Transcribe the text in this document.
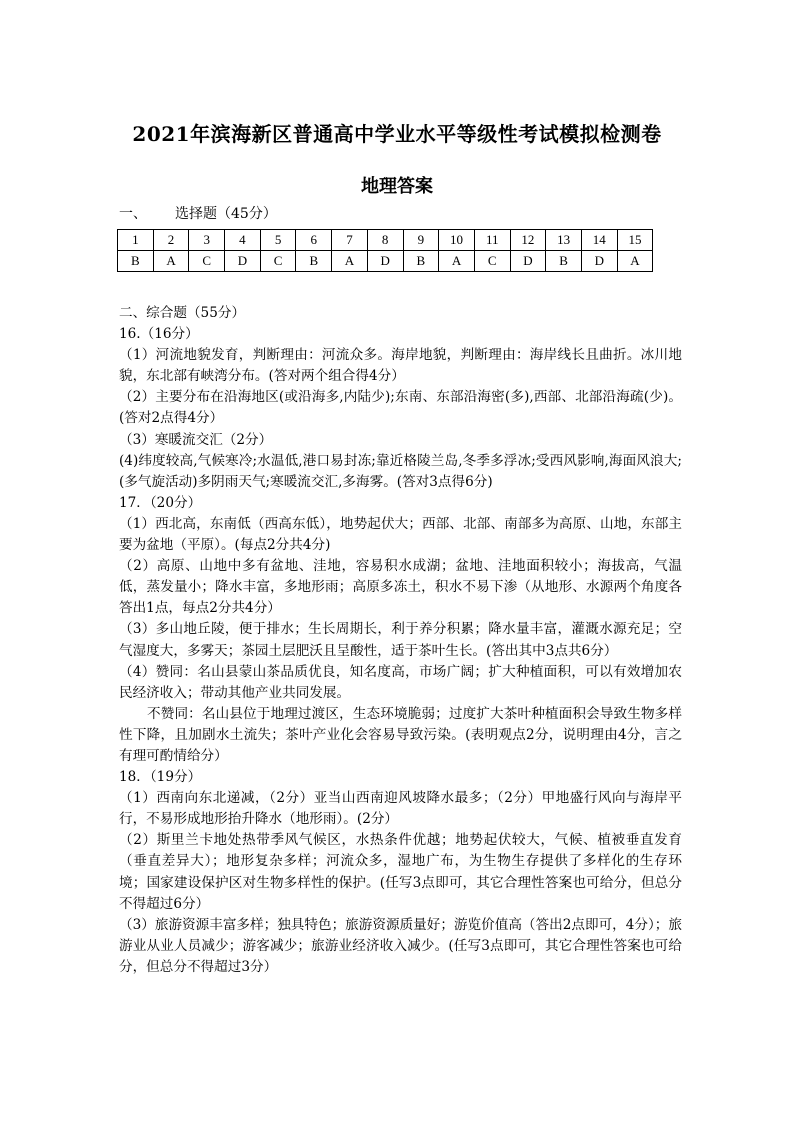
2021年滨海新区普通高中学业水平等级性考试模拟检测卷
地理答案
一、 选择题（45分）
1	2	3	4	5	6	7	8	9	10	11	12	13	14	15
B	A	C	D	C	B	A	D	B	A	C	D	B	D	A

二、综合题（55分）

16.（16分）

（1）河流地貌发育，判断理由：河流众多。海岸地貌，判断理由：海岸线长且曲折。冰川地貌，东北部有峡湾分布。(答对两个组合得4分）

（2）主要分布在沿海地区(或沿海多,内陆少);东南、东部沿海密(多),西部、北部沿海疏(少)。(答对2点得4分）

（3）寒暖流交汇（2分）

(4)纬度较高,气候寒冷;水温低,港口易封冻;靠近格陵兰岛,冬季多浮冰;受西风影响,海面风浪大;(多气旋活动)多阴雨天气;寒暖流交汇,多海雾。(答对3点得6分)

17．（20分）

（1）西北高，东南低（西高东低），地势起伏大；西部、北部、南部多为高原、山地，东部主要为盆地（平原）。(每点2分共4分)

（2）高原、山地中多有盆地、洼地，容易积水成湖；盆地、洼地面积较小；海拔高，气温低，蒸发量小；降水丰富，多地形雨；高原多冻土，积水不易下渗（从地形、水源两个角度各答出1点，每点2分共4分）

（3）多山地丘陵，便于排水；生长周期长，利于养分积累；降水量丰富，灌溉水源充足；空气湿度大，多雾天；茶园土层肥沃且呈酸性，适于茶叶生长。(答出其中3点共6分）

（4）赞同：名山县蒙山茶品质优良，知名度高，市场广阔；扩大种植面积，可以有效增加农民经济收入；带动其他产业共同发展。

不赞同：名山县位于地理过渡区，生态环境脆弱；过度扩大茶叶种植面积会导致生物多样性下降，且加剧水土流失；茶叶产业化会容易导致污染。(表明观点2分，说明理由4分，言之有理可酌情给分）

18．（19分）

（1）西南向东北递减，（2分）亚当山西南迎风坡降水最多；（2分）甲地盛行风向与海岸平行，不易形成地形抬升降水（地形雨）。(2分）

（2）斯里兰卡地处热带季风气候区，水热条件优越；地势起伏较大，气候、植被垂直发育（垂直差异大）；地形复杂多样；河流众多，湿地广布，为生物生存提供了多样化的生存环境；国家建设保护区对生物多样性的保护。(任写3点即可，其它合理性答案也可给分，但总分不得超过6分）

（3）旅游资源丰富多样；独具特色；旅游资源质量好；游览价值高（答出2点即可，4分）；旅游业从业人员减少；游客减少；旅游业经济收入减少。(任写3点即可，其它合理性答案也可给分，但总分不得超过3分）
